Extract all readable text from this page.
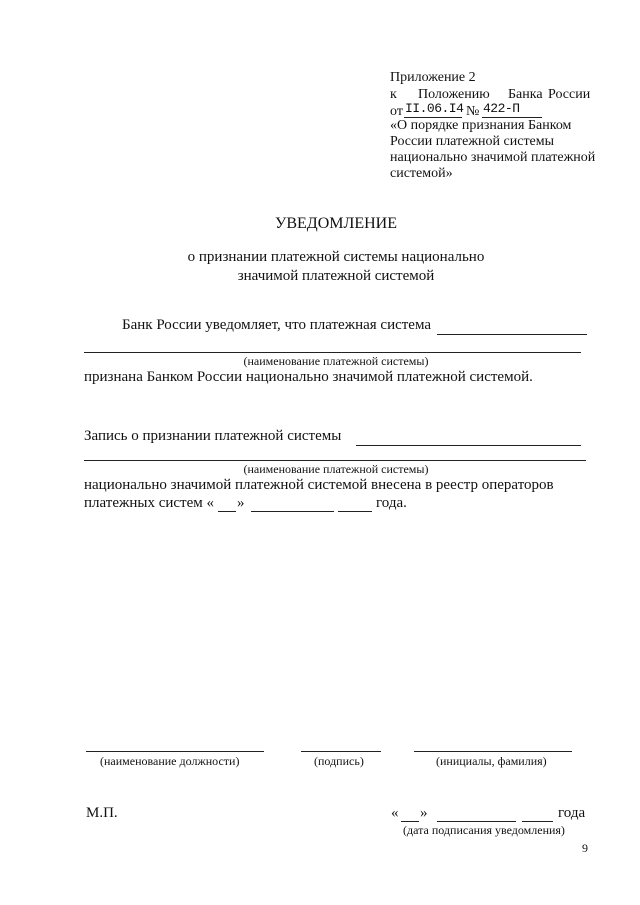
Приложение 2
к Положению Банка России
от II.06.I4 № 422-П
«О порядке признания Банком
России платежной системы
национально значимой платежной
системой»
УВЕДОМЛЕНИЕ
о признании платежной системы национально
значимой платежной системой
Банк России уведомляет, что платежная система
(наименование платежной системы)
признана Банком России национально значимой платежной системой.
Запись о признании платежной системы
(наименование платежной системы)
национально значимой платежной системой внесена в реестр операторов
платежных систем « »	года.
(наименование должности)	(подпись)	(инициалы, фамилия)
М.П.	« »	года
(дата подписания уведомления)
9
